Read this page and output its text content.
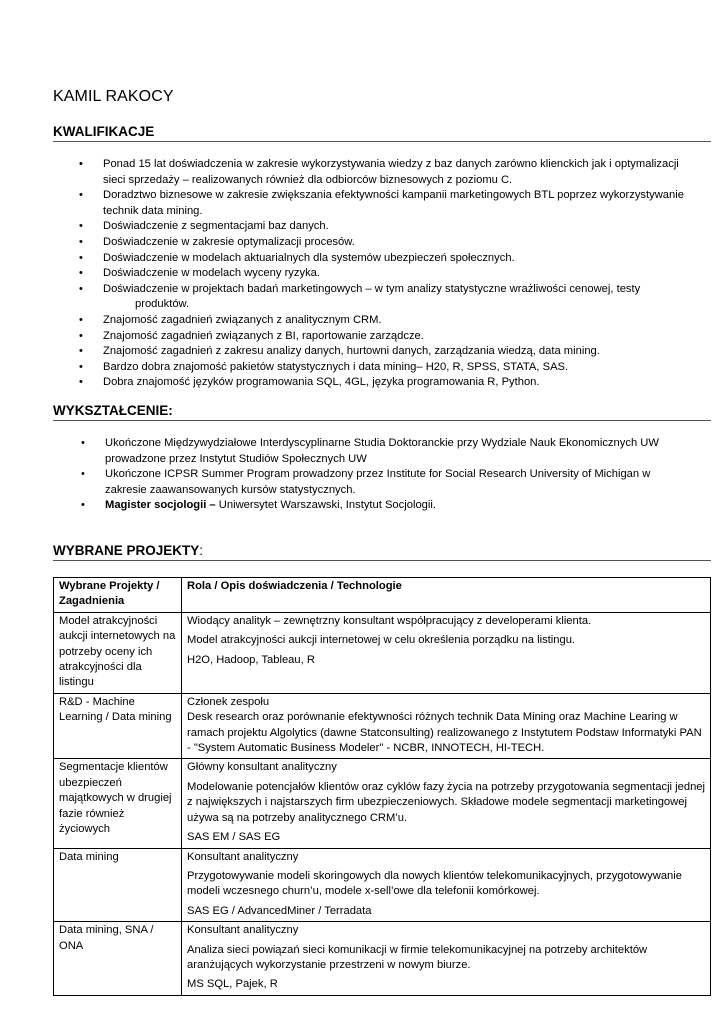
KAMIL RAKOCY
KWALIFIKACJE
• Ponad 15 lat doświadczenia w zakresie wykorzystywania wiedzy z baz danych zarówno klienckich jak i optymalizacji sieci sprzedaży – realizowanych również dla odbiorców biznesowych z poziomu C.
• Doradztwo biznesowe w zakresie zwiększania efektywności kampanii marketingowych BTL poprzez wykorzystywanie technik data mining.
• Doświadczenie z segmentacjami baz danych.
• Doświadczenie w zakresie optymalizacji procesów.
• Doświadczenie w modelach aktuarialnych dla systemów ubezpieczeń społecznych.
• Doświadczenie w modelach wyceny ryzyka.
• Doświadczenie w projektach badań marketingowych – w tym analizy statystyczne wrażliwości cenowej, testy
produktów.
• Znajomość zagadnień związanych z analitycznym CRM.
• Znajomość zagadnień związanych z BI, raportowanie zarządcze.
• Znajomość zagadnień z zakresu analizy danych, hurtowni danych, zarządzania wiedzą, data mining.
• Bardzo dobra znajomość pakietów statystycznych i data mining– H20, R, SPSS, STATA, SAS.
• Dobra znajomość języków programowania SQL, 4GL, języka programowania R, Python.
WYKSZTAŁCENIE:
• Ukończone Międzywydziałowe Interdyscyplinarne Studia Doktoranckie przy Wydziale Nauk Ekonomicznych UW prowadzone przez Instytut Studiów Społecznych UW
• Ukończone ICPSR Summer Program prowadzony przez Institute for Social Research University of Michigan w zakresie zaawansowanych kursów statystycznych.
• Magister socjologii – Uniwersytet Warszawski, Instytut Socjologii.
WYBRANE PROJEKTY:
Wybrane Projekty / Zagadnienia	Rola / Opis doświadczenia / Technologie
Model atrakcyjności aukcji internetowych na potrzeby oceny ich atrakcyjności dla listingu	Wiodący analityk – zewnętrzny konsultant współpracujący z developerami klienta.
Model atrakcyjności aukcji internetowej w celu określenia porządku na listingu.
H2O, Hadoop, Tableau, R

R&D - Machine Learning / Data mining	Członek zespołu
Desk research oraz porównanie efektywności różnych technik Data Mining oraz Machine Learing w ramach projektu Algolytics (dawne Statconsulting) realizowanego z Instytutem Podstaw Informatyki PAN - "System Automatic Business Modeler" - NCBR, INNOTECH, HI-TECH.

Segmentacje klientów ubezpieczeń majątkowych w drugiej fazie również życiowych	Główny konsultant analityczny
Modelowanie potencjałów klientów oraz cyklów fazy życia na potrzeby przygotowania segmentacji jednej z największych i najstarszych firm ubezpieczeniowych. Składowe modele segmentacji marketingowej używa są na potrzeby analitycznego CRM’u.
SAS EM / SAS EG

Data mining	Konsultant analityczny
Przygotowywanie modeli skoringowych dla nowych klientów telekomunikacyjnych, przygotowywanie modeli wczesnego churn’u, modele x-sell’owe dla telefonii komórkowej.
SAS EG / AdvancedMiner / Terradata

Data mining, SNA / ONA	Konsultant analityczny
Analiza sieci powiązań sieci komunikacji w firmie telekomunikacyjnej na potrzeby architektów aranżujących wykorzystanie przestrzeni w nowym biurze.
MS SQL, Pajek, R
